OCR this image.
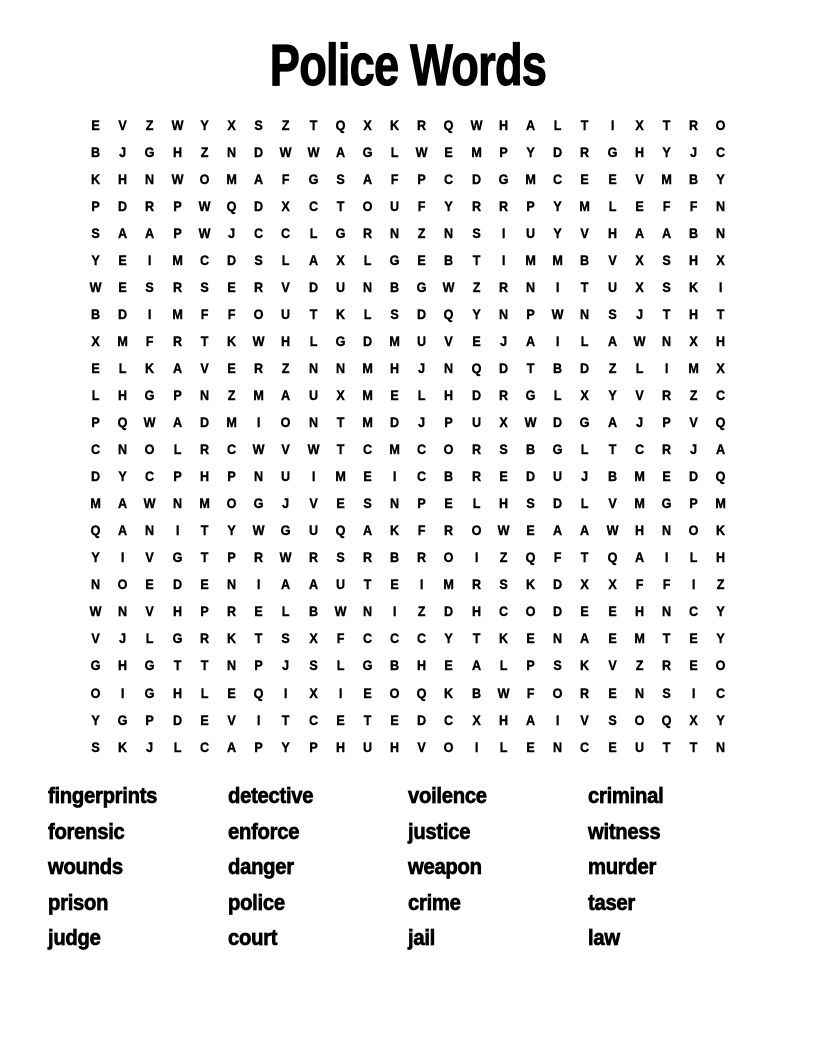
Police Words
E	V	Z	W	Y	X	S	Z	T	Q	X	K	R	Q	W	H	A	L	T	I	X	T	R	O
B	J	G	H	Z	N	D	W	W	A	G	L	W	E	M	P	Y	D	R	G	H	Y	J	C
K	H	N	W	O	M	A	F	G	S	A	F	P	C	D	G	M	C	E	E	V	M	B	Y
P	D	R	P	W	Q	D	X	C	T	O	U	F	Y	R	R	P	Y	M	L	E	F	F	N
S	A	A	P	W	J	C	C	L	G	R	N	Z	N	S	I	U	Y	V	H	A	A	B	N
Y	E	I	M	C	D	S	L	A	X	L	G	E	B	T	I	M	M	B	V	X	S	H	X
W	E	S	R	S	E	R	V	D	U	N	B	G	W	Z	R	N	I	T	U	X	S	K	I
B	D	I	M	F	F	O	U	T	K	L	S	D	Q	Y	N	P	W	N	S	J	T	H	T
X	M	F	R	T	K	W	H	L	G	D	M	U	V	E	J	A	I	L	A	W	N	X	H
E	L	K	A	V	E	R	Z	N	N	M	H	J	N	Q	D	T	B	D	Z	L	I	M	X
L	H	G	P	N	Z	M	A	U	X	M	E	L	H	D	R	G	L	X	Y	V	R	Z	C
P	Q	W	A	D	M	I	O	N	T	M	D	J	P	U	X	W	D	G	A	J	P	V	Q
C	N	O	L	R	C	W	V	W	T	C	M	C	O	R	S	B	G	L	T	C	R	J	A
D	Y	C	P	H	P	N	U	I	M	E	I	C	B	R	E	D	U	J	B	M	E	D	Q
M	A	W	N	M	O	G	J	V	E	S	N	P	E	L	H	S	D	L	V	M	G	P	M
Q	A	N	I	T	Y	W	G	U	Q	A	K	F	R	O	W	E	A	A	W	H	N	O	K
Y	I	V	G	T	P	R	W	R	S	R	B	R	O	I	Z	Q	F	T	Q	A	I	L	H
N	O	E	D	E	N	I	A	A	U	T	E	I	M	R	S	K	D	X	X	F	F	I	Z
W	N	V	H	P	R	E	L	B	W	N	I	Z	D	H	C	O	D	E	E	H	N	C	Y
V	J	L	G	R	K	T	S	X	F	C	C	C	Y	T	K	E	N	A	E	M	T	E	Y
G	H	G	T	T	N	P	J	S	L	G	B	H	E	A	L	P	S	K	V	Z	R	E	O
O	I	G	H	L	E	Q	I	X	I	E	O	Q	K	B	W	F	O	R	E	N	S	I	C
Y	G	P	D	E	V	I	T	C	E	T	E	D	C	X	H	A	I	V	S	O	Q	X	Y
S	K	J	L	C	A	P	Y	P	H	U	H	V	O	I	L	E	N	C	E	U	T	T	N
fingerprints
forensic
wounds
prison
judge
detective
enforce
danger
police
court
voilence
justice
weapon
crime
jail
criminal
witness
murder
taser
law
